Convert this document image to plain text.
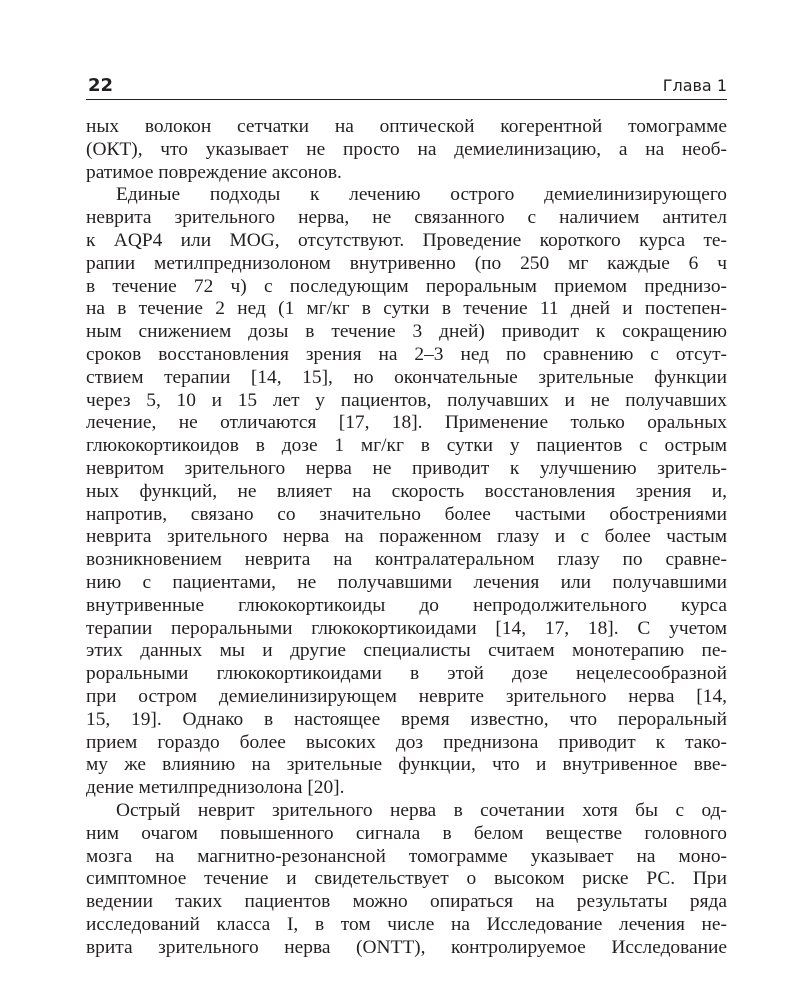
22	Глава 1
ных волокон сетчатки на оптической когерентной томограмме
(ОКТ), что указывает не просто на демиелинизацию, а на необ-
ратимое повреждение аксонов.
Единые подходы к лечению острого демиелинизирующего
неврита зрительного нерва, не связанного с наличием антител
к AQP4 или MOG, отсутствуют. Проведение короткого курса те-
рапии метилпреднизолоном внутривенно (по 250 мг каждые 6 ч
в течение 72 ч) с последующим пероральным приемом преднизо-
на в течение 2 нед (1 мг/кг в сутки в течение 11 дней и постепен-
ным снижением дозы в течение 3 дней) приводит к сокращению
сроков восстановления зрения на 2–3 нед по сравнению с отсут-
ствием терапии [14, 15], но окончательные зрительные функции
через 5, 10 и 15 лет у пациентов, получавших и не получавших
лечение, не отличаются [17, 18]. Применение только оральных
глюкокортикоидов в дозе 1 мг/кг в сутки у пациентов с острым
невритом зрительного нерва не приводит к улучшению зритель-
ных функций, не влияет на скорость восстановления зрения и,
напротив, связано со значительно более частыми обострениями
неврита зрительного нерва на пораженном глазу и с более частым
возникновением неврита на контралатеральном глазу по сравне-
нию с пациентами, не получавшими лечения или получавшими
внутривенные глюкокортикоиды до непродолжительного курса
терапии пероральными глюкокортикоидами [14, 17, 18]. С учетом
этих данных мы и другие специалисты считаем монотерапию пе-
роральными глюкокортикоидами в этой дозе нецелесообразной
при остром демиелинизирующем неврите зрительного нерва [14,
15, 19]. Однако в настоящее время известно, что пероральный
прием гораздо более высоких доз преднизона приводит к тако-
му же влиянию на зрительные функции, что и внутривенное вве-
дение метилпреднизолона [20].
Острый неврит зрительного нерва в сочетании хотя бы с од-
ним очагом повышенного сигнала в белом веществе головного
мозга на магнитно-резонансной томограмме указывает на моно-
симптомное течение и свидетельствует о высоком риске РС. При
ведении таких пациентов можно опираться на результаты ряда
исследований класса I, в том числе на Исследование лечения не-
врита зрительного нерва (ONTT), контролируемое Исследование
